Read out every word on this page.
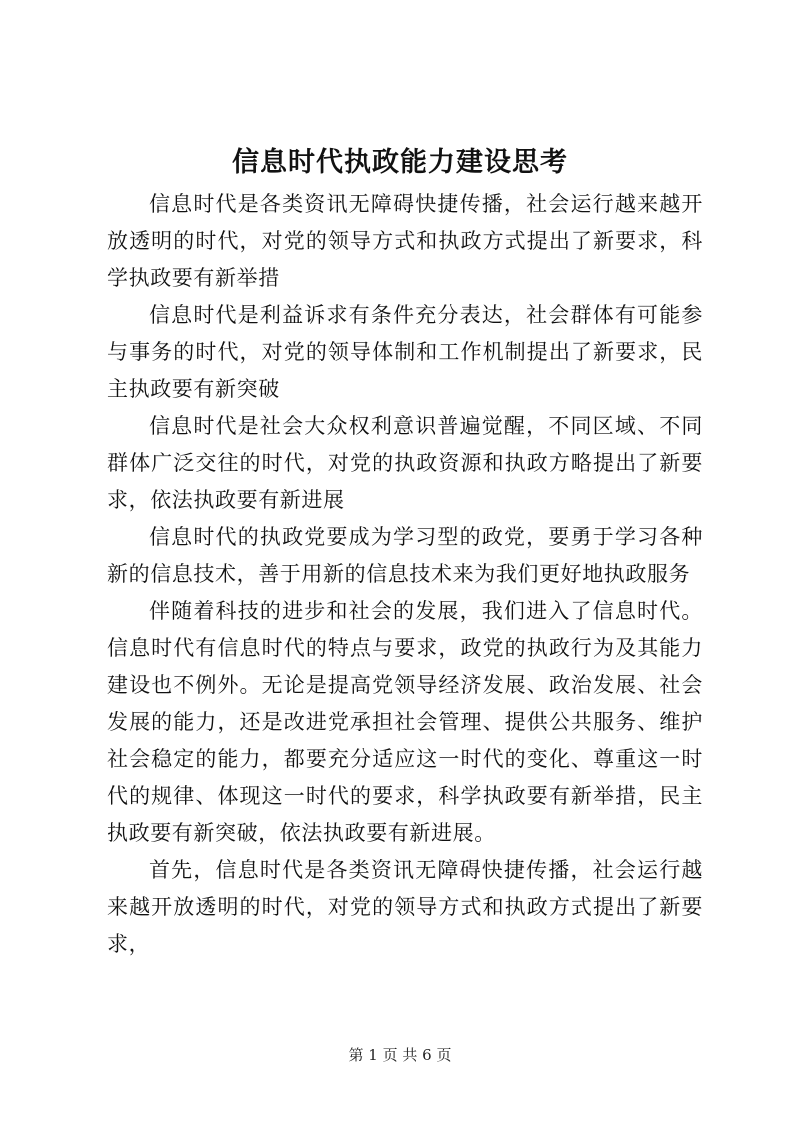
信息时代执政能力建设思考

信息时代是各类资讯无障碍快捷传播，社会运行越来越开放透明的时代，对党的领导方式和执政方式提出了新要求，科学执政要有新举措

信息时代是利益诉求有条件充分表达，社会群体有可能参与事务的时代，对党的领导体制和工作机制提出了新要求，民主执政要有新突破

信息时代是社会大众权利意识普遍觉醒，不同区域、不同群体广泛交往的时代，对党的执政资源和执政方略提出了新要求，依法执政要有新进展

信息时代的执政党要成为学习型的政党，要勇于学习各种新的信息技术，善于用新的信息技术来为我们更好地执政服务

伴随着科技的进步和社会的发展，我们进入了信息时代。信息时代有信息时代的特点与要求，政党的执政行为及其能力建设也不例外。无论是提高党领导经济发展、政治发展、社会发展的能力，还是改进党承担社会管理、提供公共服务、维护社会稳定的能力，都要充分适应这一时代的变化、尊重这一时代的规律、体现这一时代的要求，科学执政要有新举措，民主执政要有新突破，依法执政要有新进展。

首先，信息时代是各类资讯无障碍快捷传播，社会运行越来越开放透明的时代，对党的领导方式和执政方式提出了新要求，

第 1 页 共 6 页
